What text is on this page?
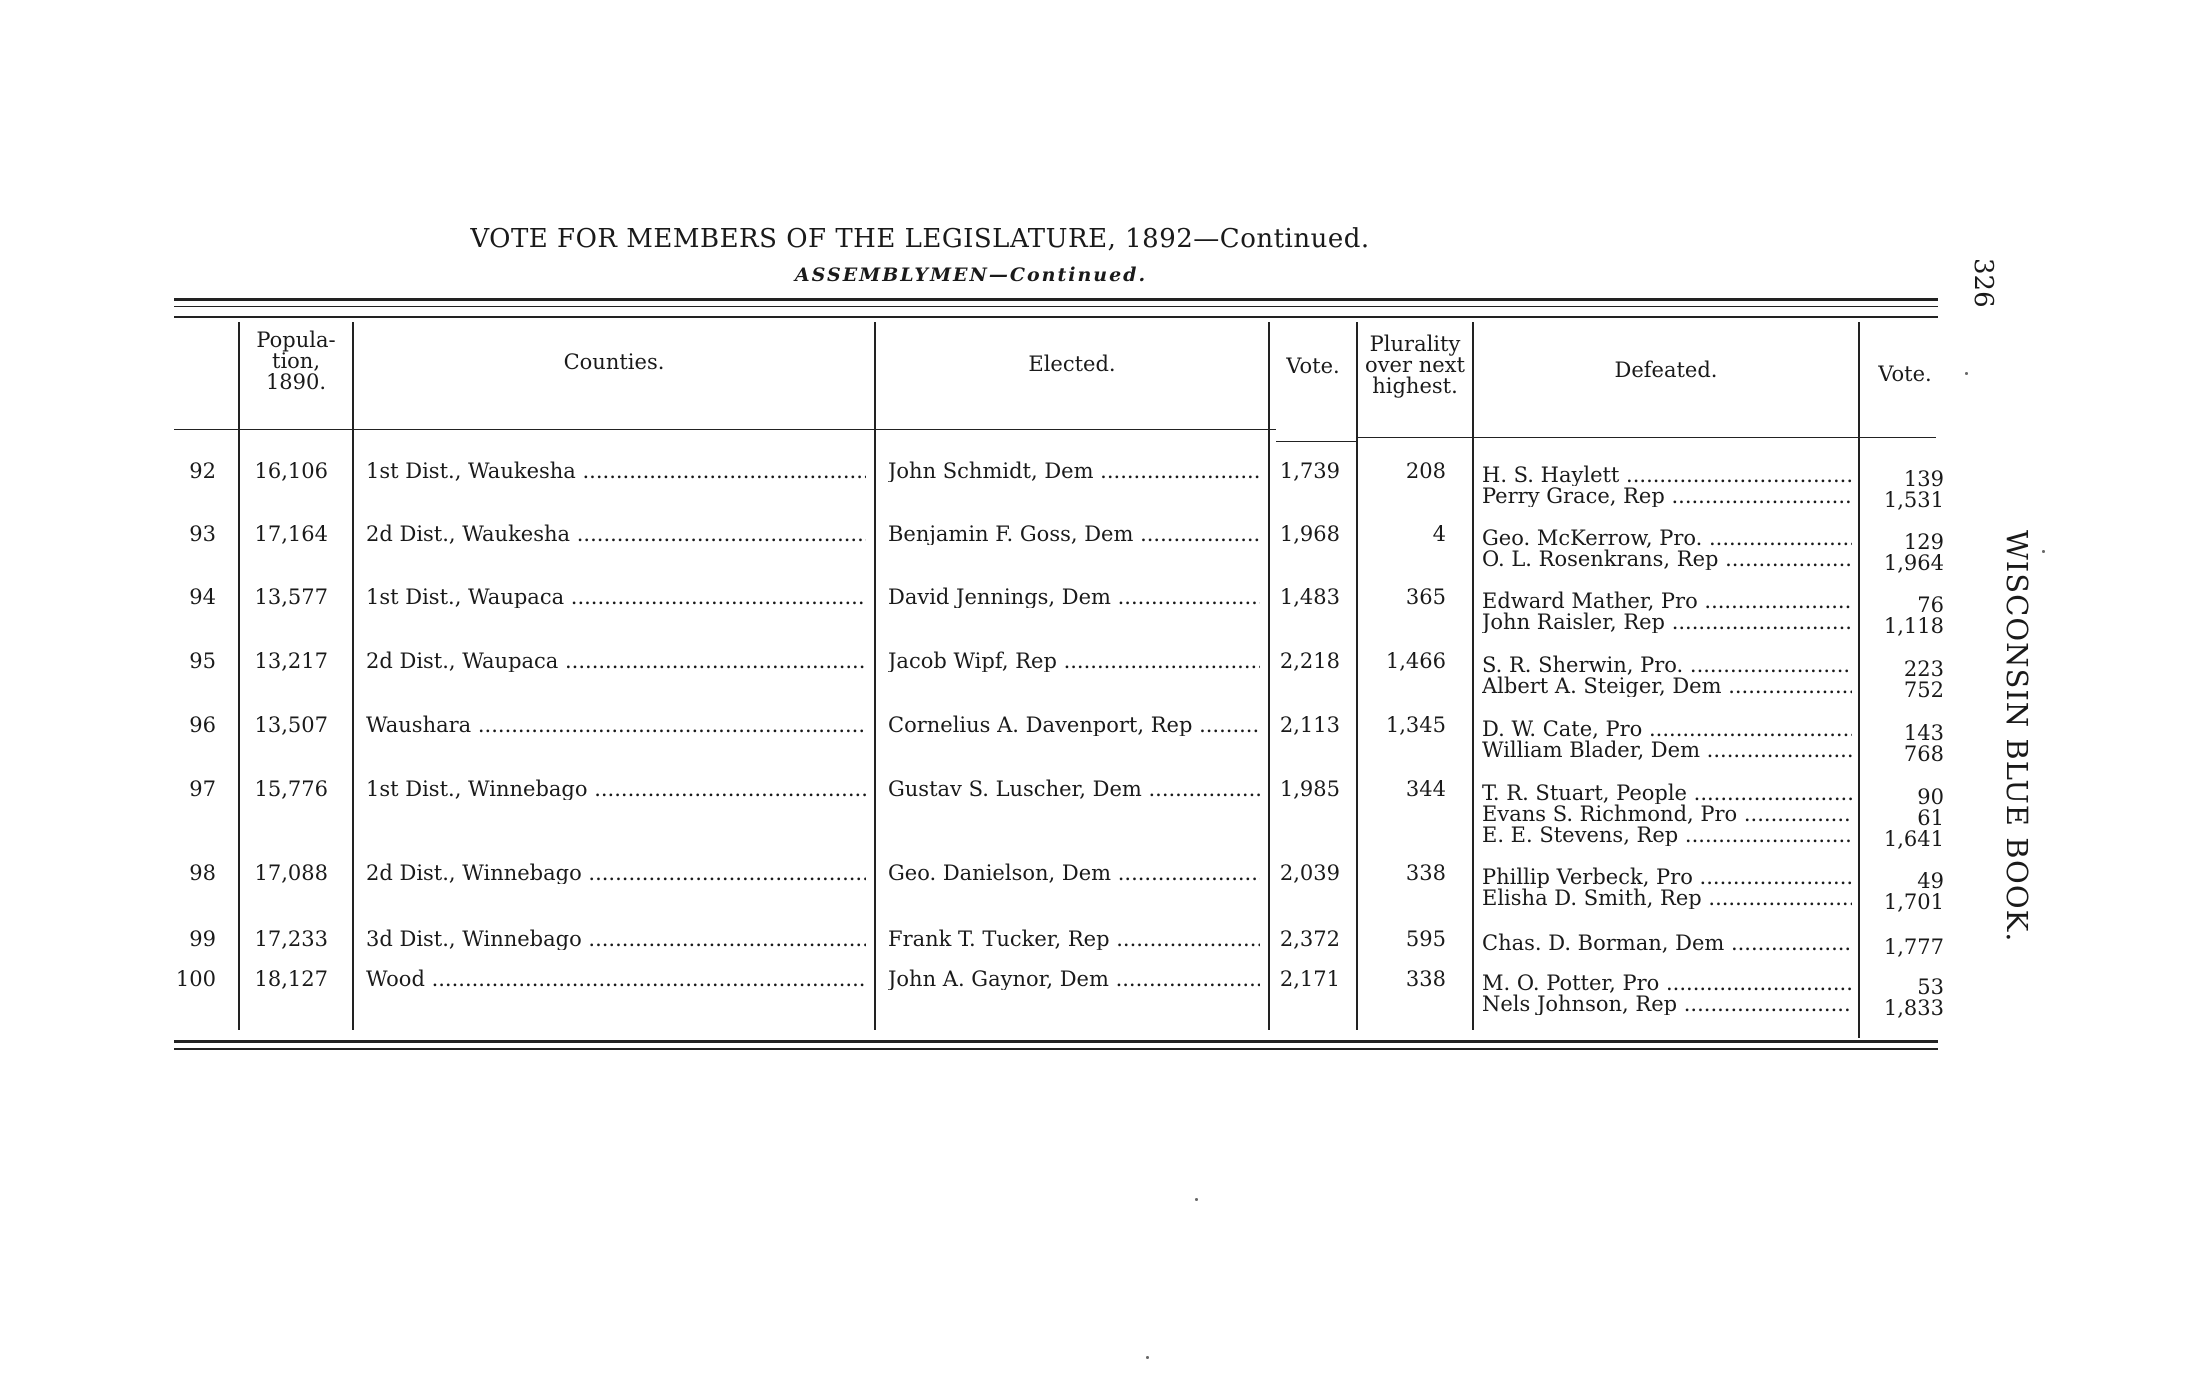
VOTE FOR MEMBERS OF THE LEGISLATURE, 1892—Continued.
ASSEMBLYMEN—Continued.	326
WISCONSIN BLUE BOOK.
Popula-
tion,
1890.
Counties.	Elected.	Vote.
Plurality
over next
highest.
Defeated.	Vote.
92	16,106 1st Dist., Waukesha .....	John Schmidt, Dem .....	1,739	208 H. S. Haylett .....	139
Perry Grace, Rep .....	1,531
93	17,164 2d Dist., Waukesha .....	Benjamin F. Goss, Dem .....	1,968	4 Geo. McKerrow, Pro. .....	129
O. L. Rosenkrans, Rep .....	1,964
94	13,577 1st Dist., Waupaca .....	David Jennings, Dem .....	1,483	365 Edward Mather, Pro .....	76
John Raisler, Rep .....	1,118
95	13,217 2d Dist., Waupaca .....	Jacob Wipf, Rep .....	2,218	1,466 S. R. Sherwin, Pro. .....	223
Albert A. Steiger, Dem .....	752
96	13,507 Waushara .....	Cornelius A. Davenport, Rep .....	2,113	1,345 D. W. Cate, Pro .....	143
William Blader, Dem .....	768
97	15,776 1st Dist., Winnebago .....	Gustav S. Luscher, Dem .....	1,985	344 T. R. Stuart, People .....	90
Evans S. Richmond, Pro .....	61
E. E. Stevens, Rep .....	1,641
98	17,088 2d Dist., Winnebago .....	Geo. Danielson, Dem .....	2,039	338 Phillip Verbeck, Pro .....	49
Elisha D. Smith, Rep .....	1,701
99	17,233 3d Dist., Winnebago .....	Frank T. Tucker, Rep .....	2,372	595 Chas. D. Borman, Dem .....	1,777
100	18,127 Wood .....	John A. Gaynor, Dem .....	2,171	338 M. O. Potter, Pro .....	53
Nels Johnson, Rep .....	1,833
